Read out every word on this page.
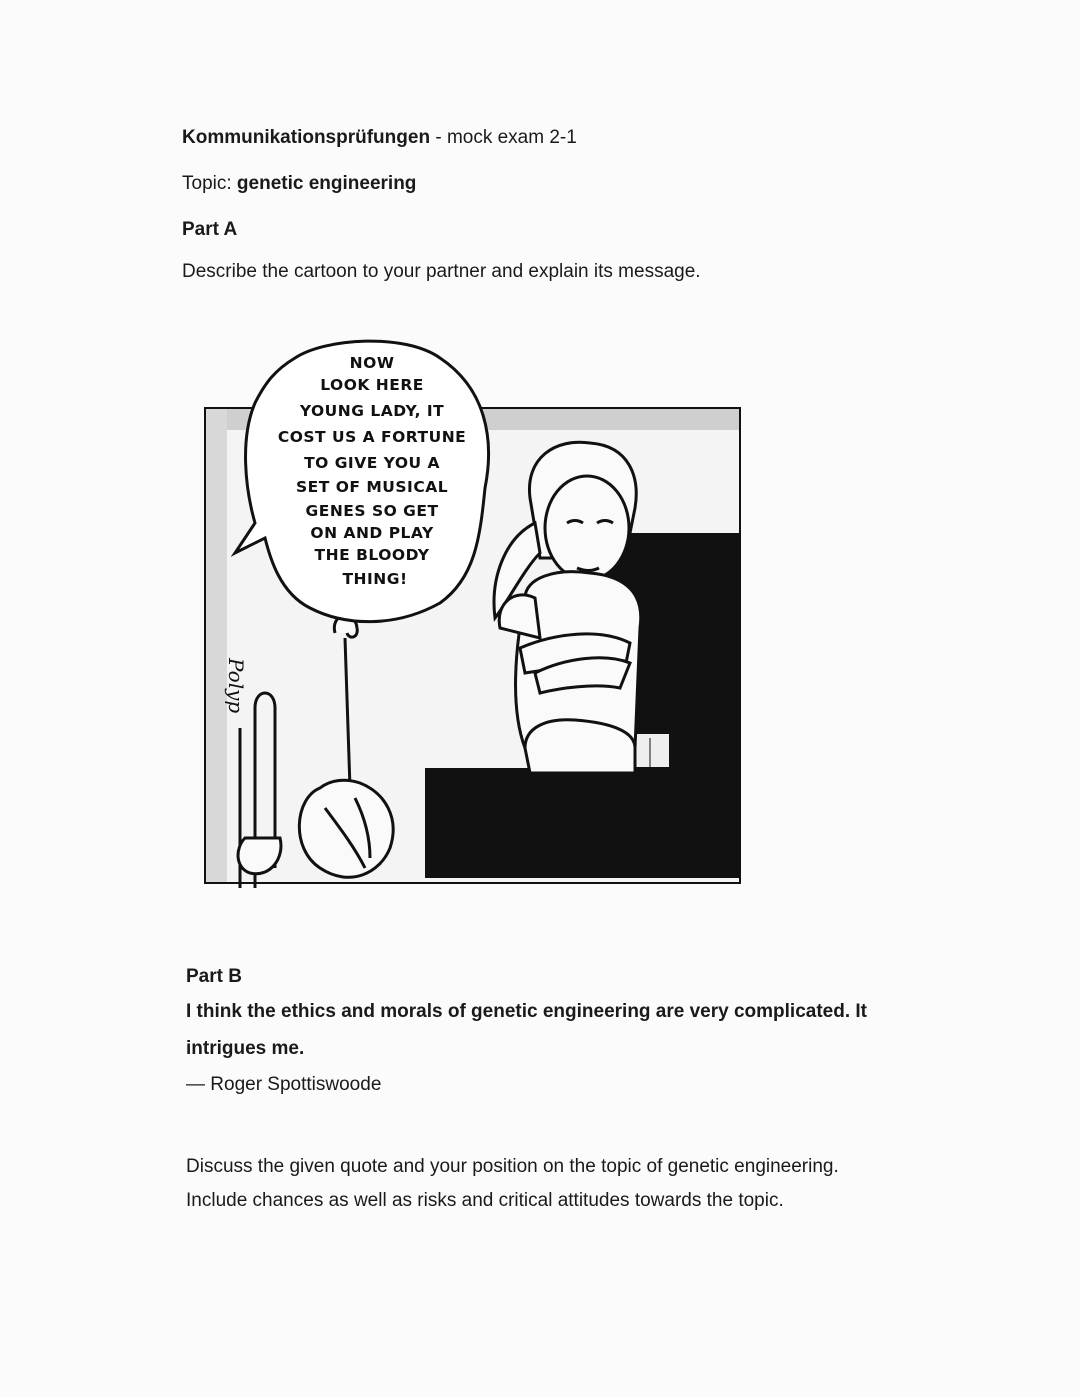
Kommunikationsprüfungen - mock exam 2-1
Topic: genetic engineering
Part A
Describe the cartoon to your partner and explain its message.
Polyp
NOW LOOK HERE YOUNG LADY, IT COST US A FORTUNE TO GIVE YOU A SET OF MUSICAL GENES SO GET ON AND PLAY THE BLOODY THING!
Part B
I think the ethics and morals of genetic engineering are very complicated. It
intrigues me.
— Roger Spottiswoode
Discuss the given quote and your position on the topic of genetic engineering.
Include chances as well as risks and critical attitudes towards the topic.
